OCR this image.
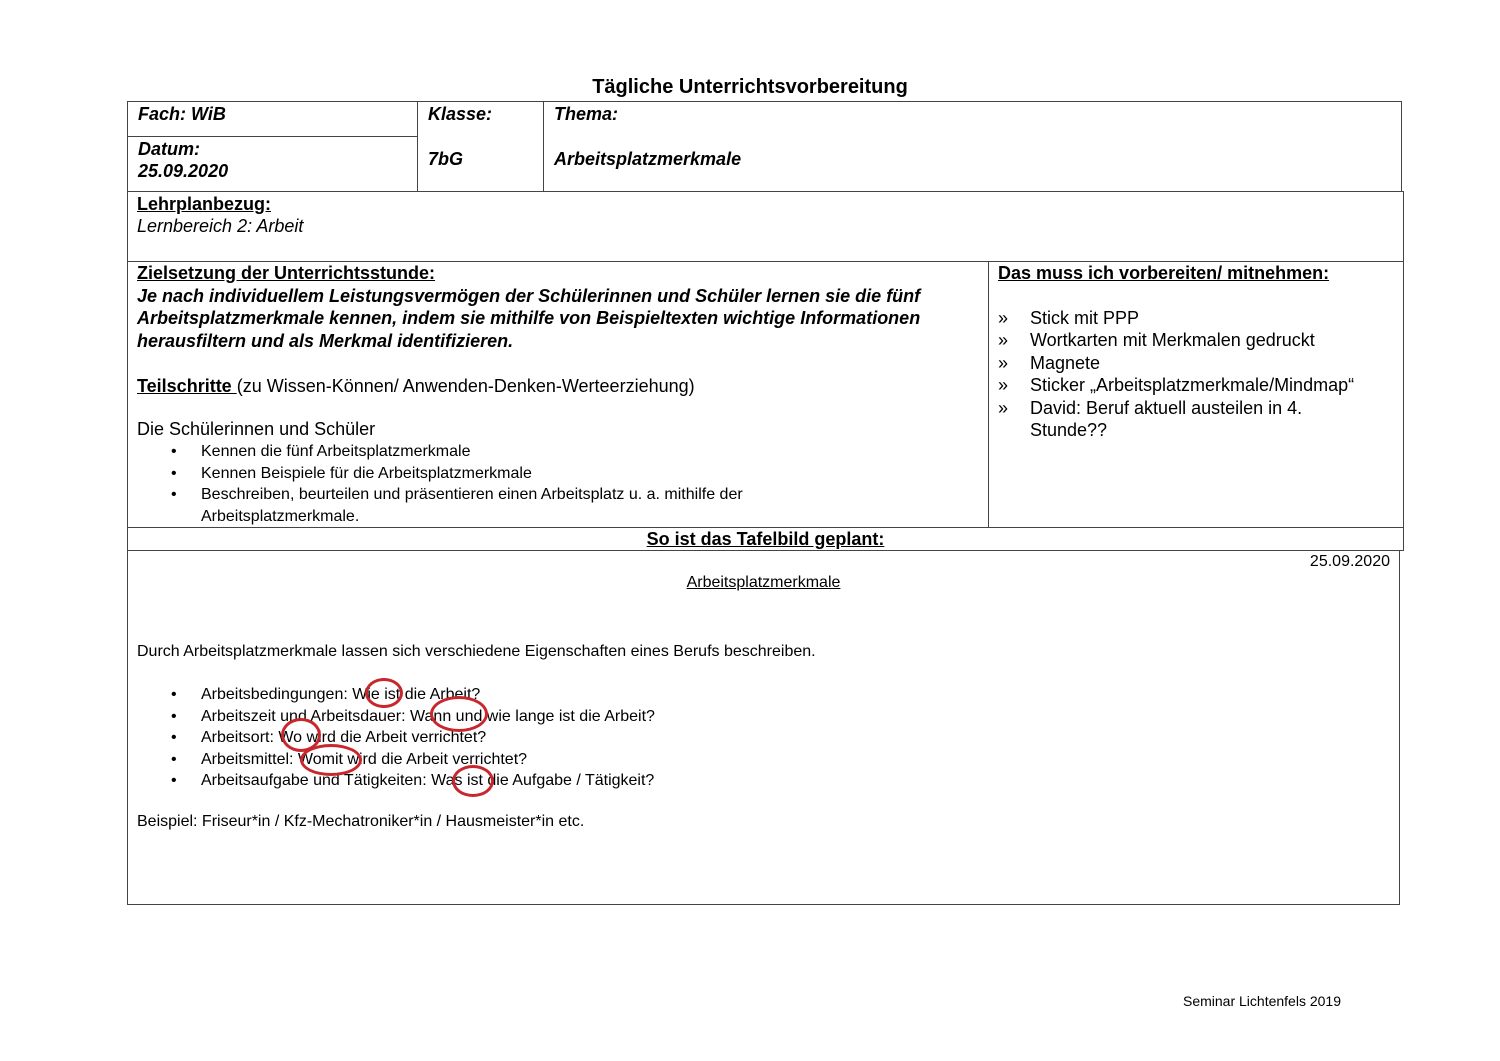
Tägliche Unterrichtsvorbereitung
Fach: WiB
Datum:
25.09.2020
Klasse:
7bG
Thema:
Arbeitsplatzmerkmale
Lehrplanbezug:
Lernbereich 2: Arbeit
Zielsetzung der Unterrichtsstunde:
Je nach individuellem Leistungsvermögen der Schülerinnen und Schüler lernen sie die fünf Arbeitsplatzmerkmale kennen, indem sie mithilfe von Beispieltexten wichtige Informationen herausfiltern und als Merkmal identifizieren.
Teilschritte (zu Wissen-Können/ Anwenden-Denken-Werteerziehung)
Die Schülerinnen und Schüler
• Kennen die fünf Arbeitsplatzmerkmale
• Kennen Beispiele für die Arbeitsplatzmerkmale
• Beschreiben, beurteilen und präsentieren einen Arbeitsplatz u. a. mithilfe der Arbeitsplatzmerkmale.
Das muss ich vorbereiten/ mitnehmen:
» Stick mit PPP
» Wortkarten mit Merkmalen gedruckt
» Magnete
» Sticker „Arbeitsplatzmerkmale/Mindmap“
» David: Beruf aktuell austeilen in 4. Stunde??
So ist das Tafelbild geplant:
25.09.2020
Arbeitsplatzmerkmale
Durch Arbeitsplatzmerkmale lassen sich verschiedene Eigenschaften eines Berufs beschreiben.
• Arbeitsbedingungen: Wie ist die Arbeit?
• Arbeitszeit und Arbeitsdauer: Wann und wie lange ist die Arbeit?
• Arbeitsort: Wo wird die Arbeit verrichtet?
• Arbeitsmittel: Womit wird die Arbeit verrichtet?
• Arbeitsaufgabe und Tätigkeiten: Was ist die Aufgabe / Tätigkeit?
Beispiel: Friseur*in / Kfz-Mechatroniker*in / Hausmeister*in etc.
Seminar Lichtenfels 2019
